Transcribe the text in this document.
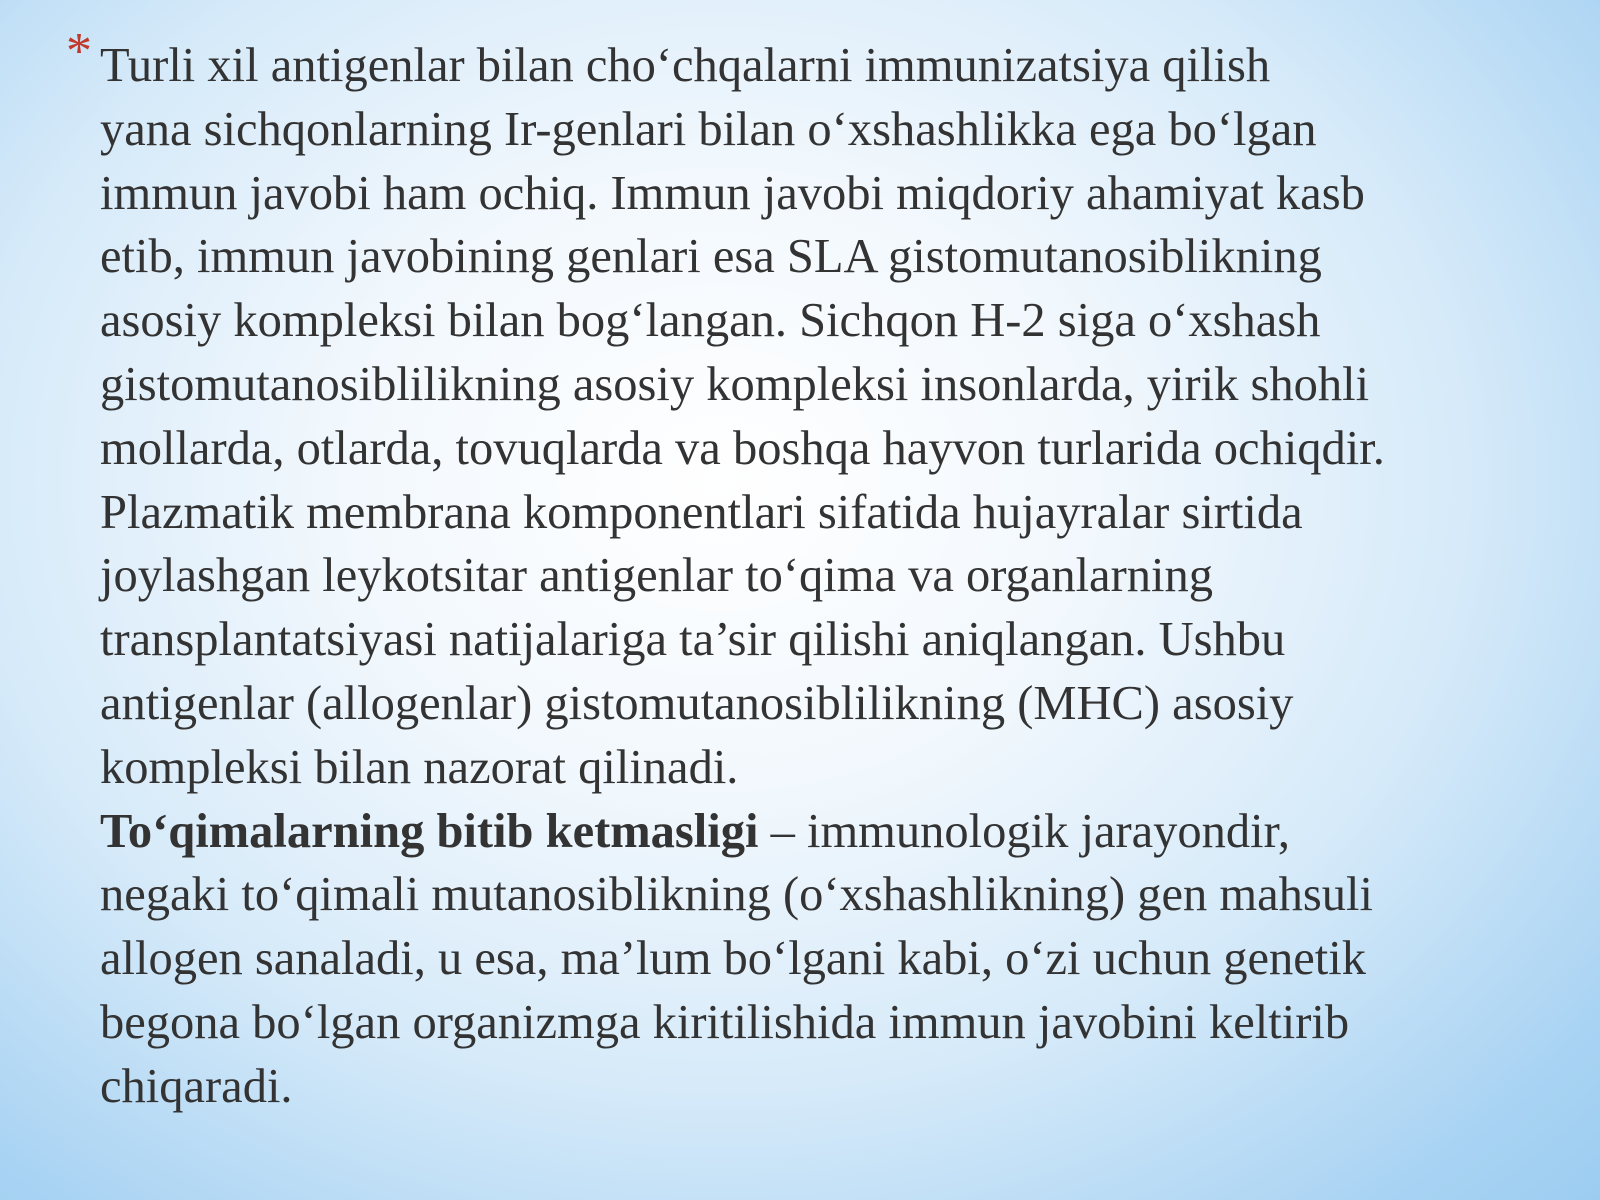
* Turli xil antigenlar bilan cho‘chqalarni immunizatsiya qilish
yana sichqonlarning Ir-genlari bilan o‘xshashlikka ega bo‘lgan
immun javobi ham ochiq. Immun javobi miqdoriy ahamiyat kasb
etib, immun javobining genlari esa SLA gistomutanosiblikning
asosiy kompleksi bilan bog‘langan. Sichqon H-2 siga o‘xshash
gistomutanosiblilikning asosiy kompleksi insonlarda, yirik shohli
mollarda, otlarda, tovuqlarda va boshqa hayvon turlarida ochiqdir.
Plazmatik membrana komponentlari sifatida hujayralar sirtida
joylashgan leykotsitar antigenlar to‘qima va organlarning
transplantatsiyasi natijalariga ta’sir qilishi aniqlangan. Ushbu
antigenlar (allogenlar) gistomutanosiblilikning (MHC) asosiy
kompleksi bilan nazorat qilinadi.
To‘qimalarning bitib ketmasligi – immunologik jarayondir,
negaki to‘qimali mutanosiblikning (o‘xshashlikning) gen mahsuli
allogen sanaladi, u esa, ma’lum bo‘lgani kabi, o‘zi uchun genetik
begona bo‘lgan organizmga kiritilishida immun javobini keltirib
chiqaradi.
